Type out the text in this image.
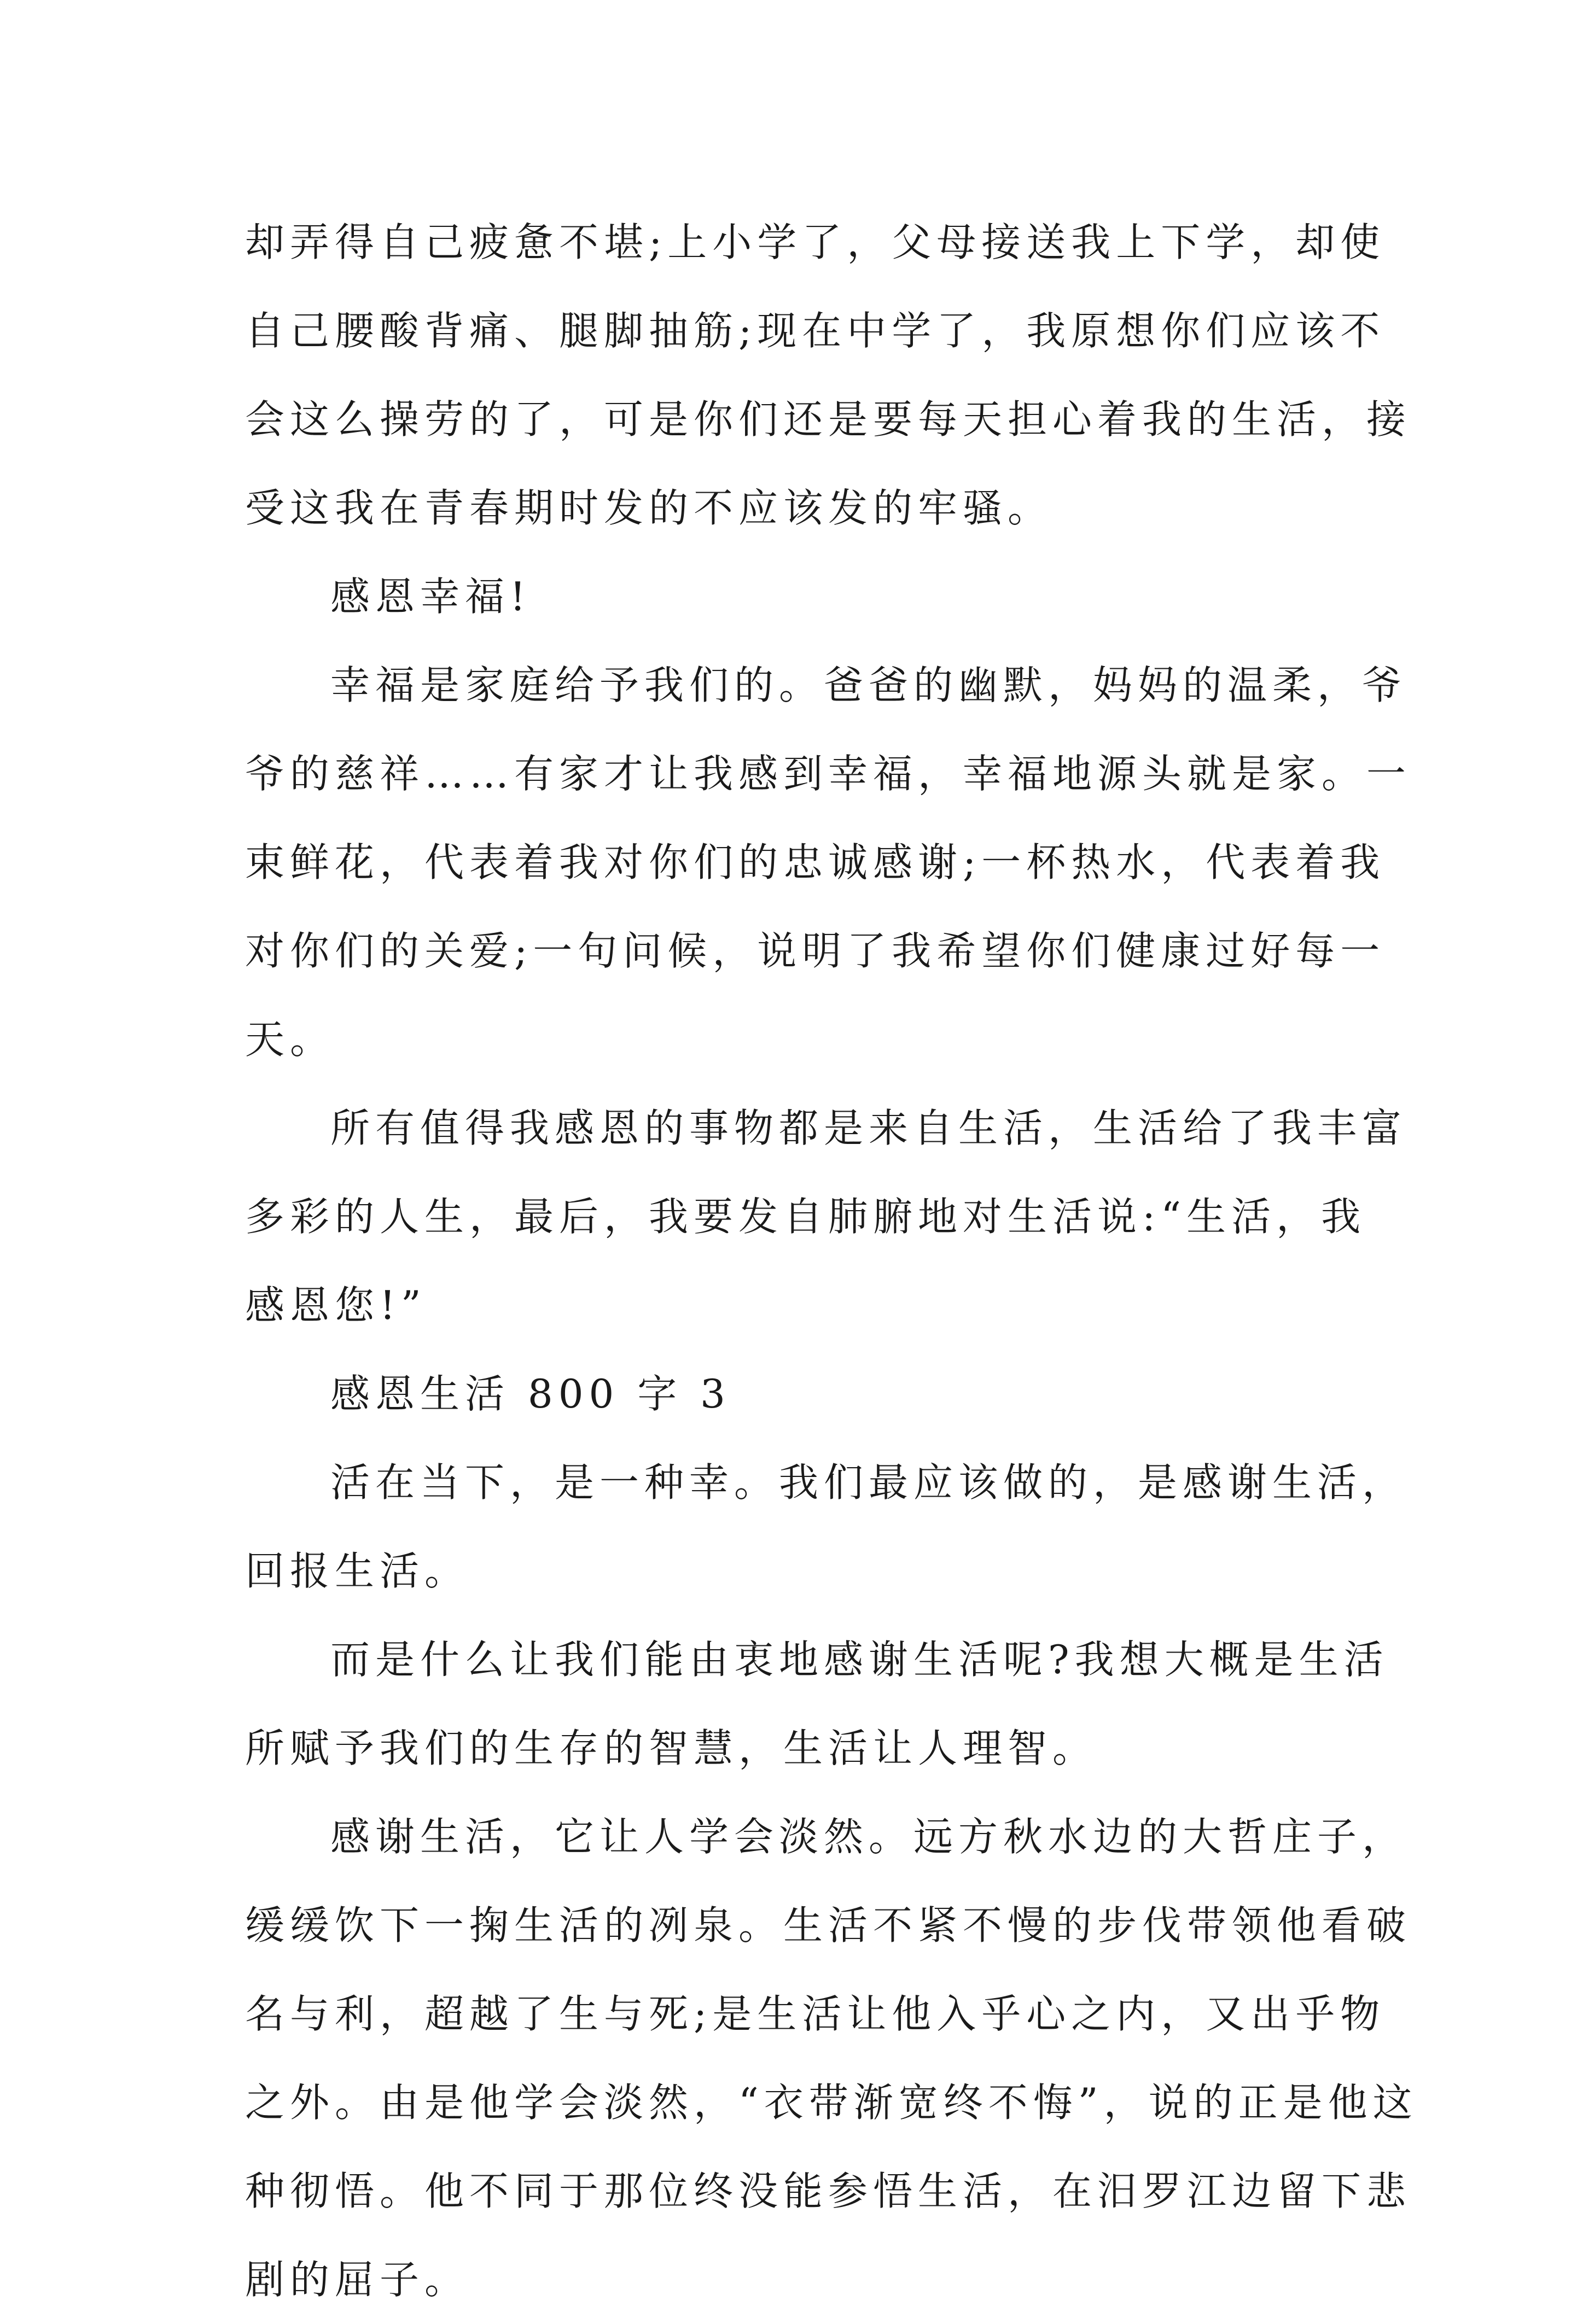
却弄得自己疲惫不堪;上小学了，父母接送我上下学，却使
自己腰酸背痛、腿脚抽筋;现在中学了，我原想你们应该不
会这么操劳的了，可是你们还是要每天担心着我的生活，接
受这我在青春期时发的不应该发的牢骚。
感恩幸福!
幸福是家庭给予我们的。爸爸的幽默，妈妈的温柔，爷
爷的慈祥……有家才让我感到幸福，幸福地源头就是家。一
束鲜花，代表着我对你们的忠诚感谢;一杯热水，代表着我
对你们的关爱;一句问候，说明了我希望你们健康过好每一
天。
所有值得我感恩的事物都是来自生活，生活给了我丰富
多彩的人生，最后，我要发自肺腑地对生活说:“生活，我
感恩您!”
感恩生活 800 字 3
活在当下，是一种幸。我们最应该做的，是感谢生活，
回报生活。
而是什么让我们能由衷地感谢生活呢?我想大概是生活
所赋予我们的生存的智慧，生活让人理智。
感谢生活，它让人学会淡然。远方秋水边的大哲庄子，
缓缓饮下一掬生活的冽泉。生活不紧不慢的步伐带领他看破
名与利，超越了生与死;是生活让他入乎心之内，又出乎物
之外。由是他学会淡然，“衣带渐宽终不悔”，说的正是他这
种彻悟。他不同于那位终没能参悟生活，在汨罗江边留下悲
剧的屈子。
